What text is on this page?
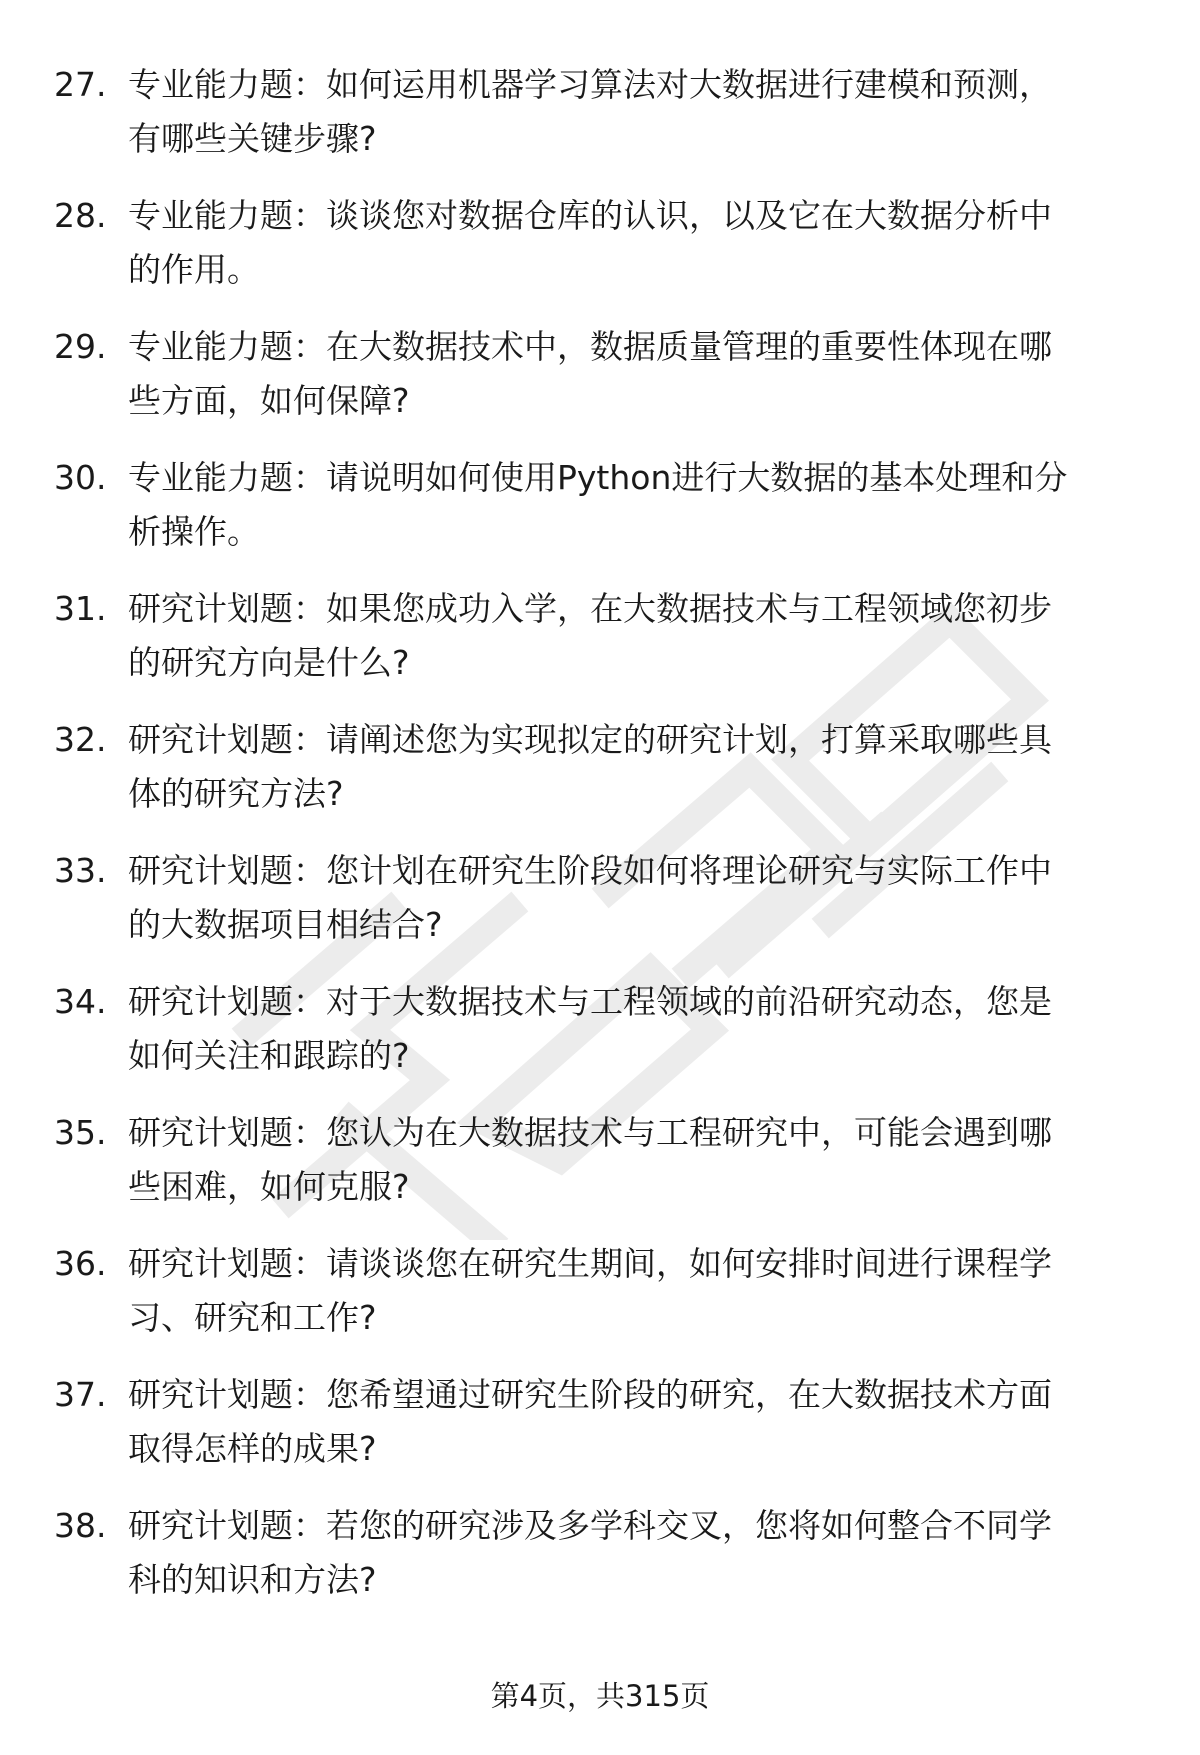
27. 专业能力题：如何运用机器学习算法对大数据进行建模和预测，
有哪些关键步骤?
28. 专业能力题：谈谈您对数据仓库的认识，以及它在大数据分析中
的作用。
29. 专业能力题：在大数据技术中，数据质量管理的重要性体现在哪
些方面，如何保障?
30. 专业能力题：请说明如何使用Python进行大数据的基本处理和分
析操作。
31. 研究计划题：如果您成功入学，在大数据技术与工程领域您初步
的研究方向是什么?
32. 研究计划题：请阐述您为实现拟定的研究计划，打算采取哪些具
体的研究方法?
33. 研究计划题：您计划在研究生阶段如何将理论研究与实际工作中
的大数据项目相结合?
34. 研究计划题：对于大数据技术与工程领域的前沿研究动态，您是
如何关注和跟踪的?
35. 研究计划题：您认为在大数据技术与工程研究中，可能会遇到哪
些困难，如何克服?
36. 研究计划题：请谈谈您在研究生期间，如何安排时间进行课程学
习、研究和工作?
37. 研究计划题：您希望通过研究生阶段的研究，在大数据技术方面
取得怎样的成果?
38. 研究计划题：若您的研究涉及多学科交叉，您将如何整合不同学
科的知识和方法?
第4页，共315页
